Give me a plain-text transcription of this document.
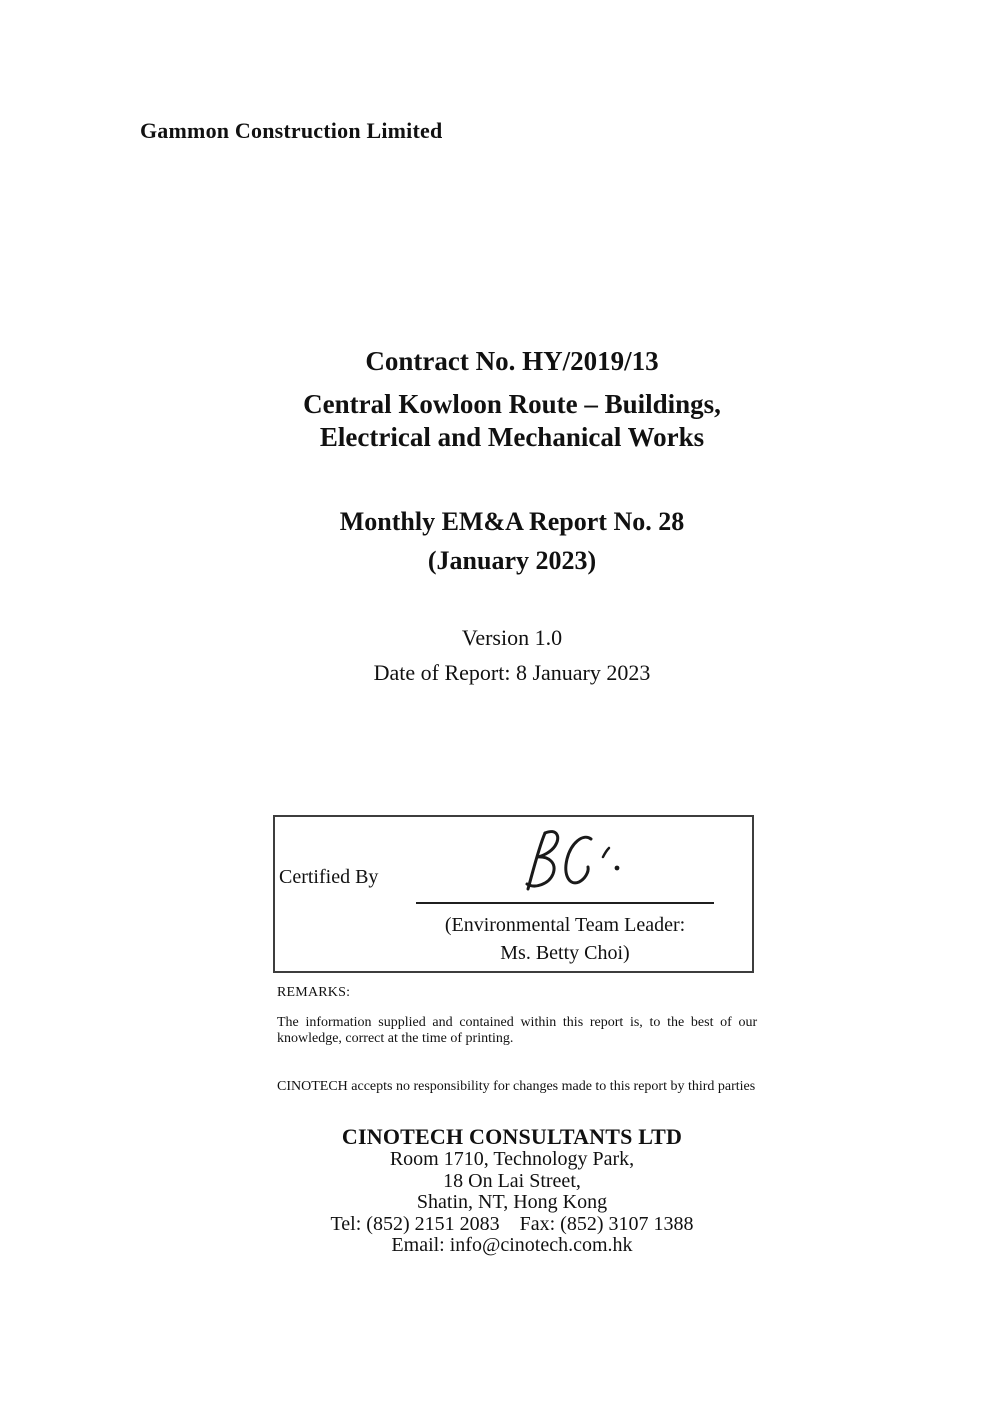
Gammon Construction Limited
Contract No. HY/2019/13
Central Kowloon Route – Buildings,
Electrical and Mechanical Works
Monthly EM&A Report No. 28
(January 2023)
Version 1.0
Date of Report: 8 January 2023
Certified By
(Environmental Team Leader:
Ms. Betty Choi)
REMARKS:
The information supplied and contained within this report is, to the best of our
knowledge, correct at the time of printing.
CINOTECH accepts no responsibility for changes made to this report by third parties
CINOTECH CONSULTANTS LTD
Room 1710, Technology Park,
18 On Lai Street,
Shatin, NT, Hong Kong
Tel: (852) 2151 2083    Fax: (852) 3107 1388
Email: info@cinotech.com.hk
